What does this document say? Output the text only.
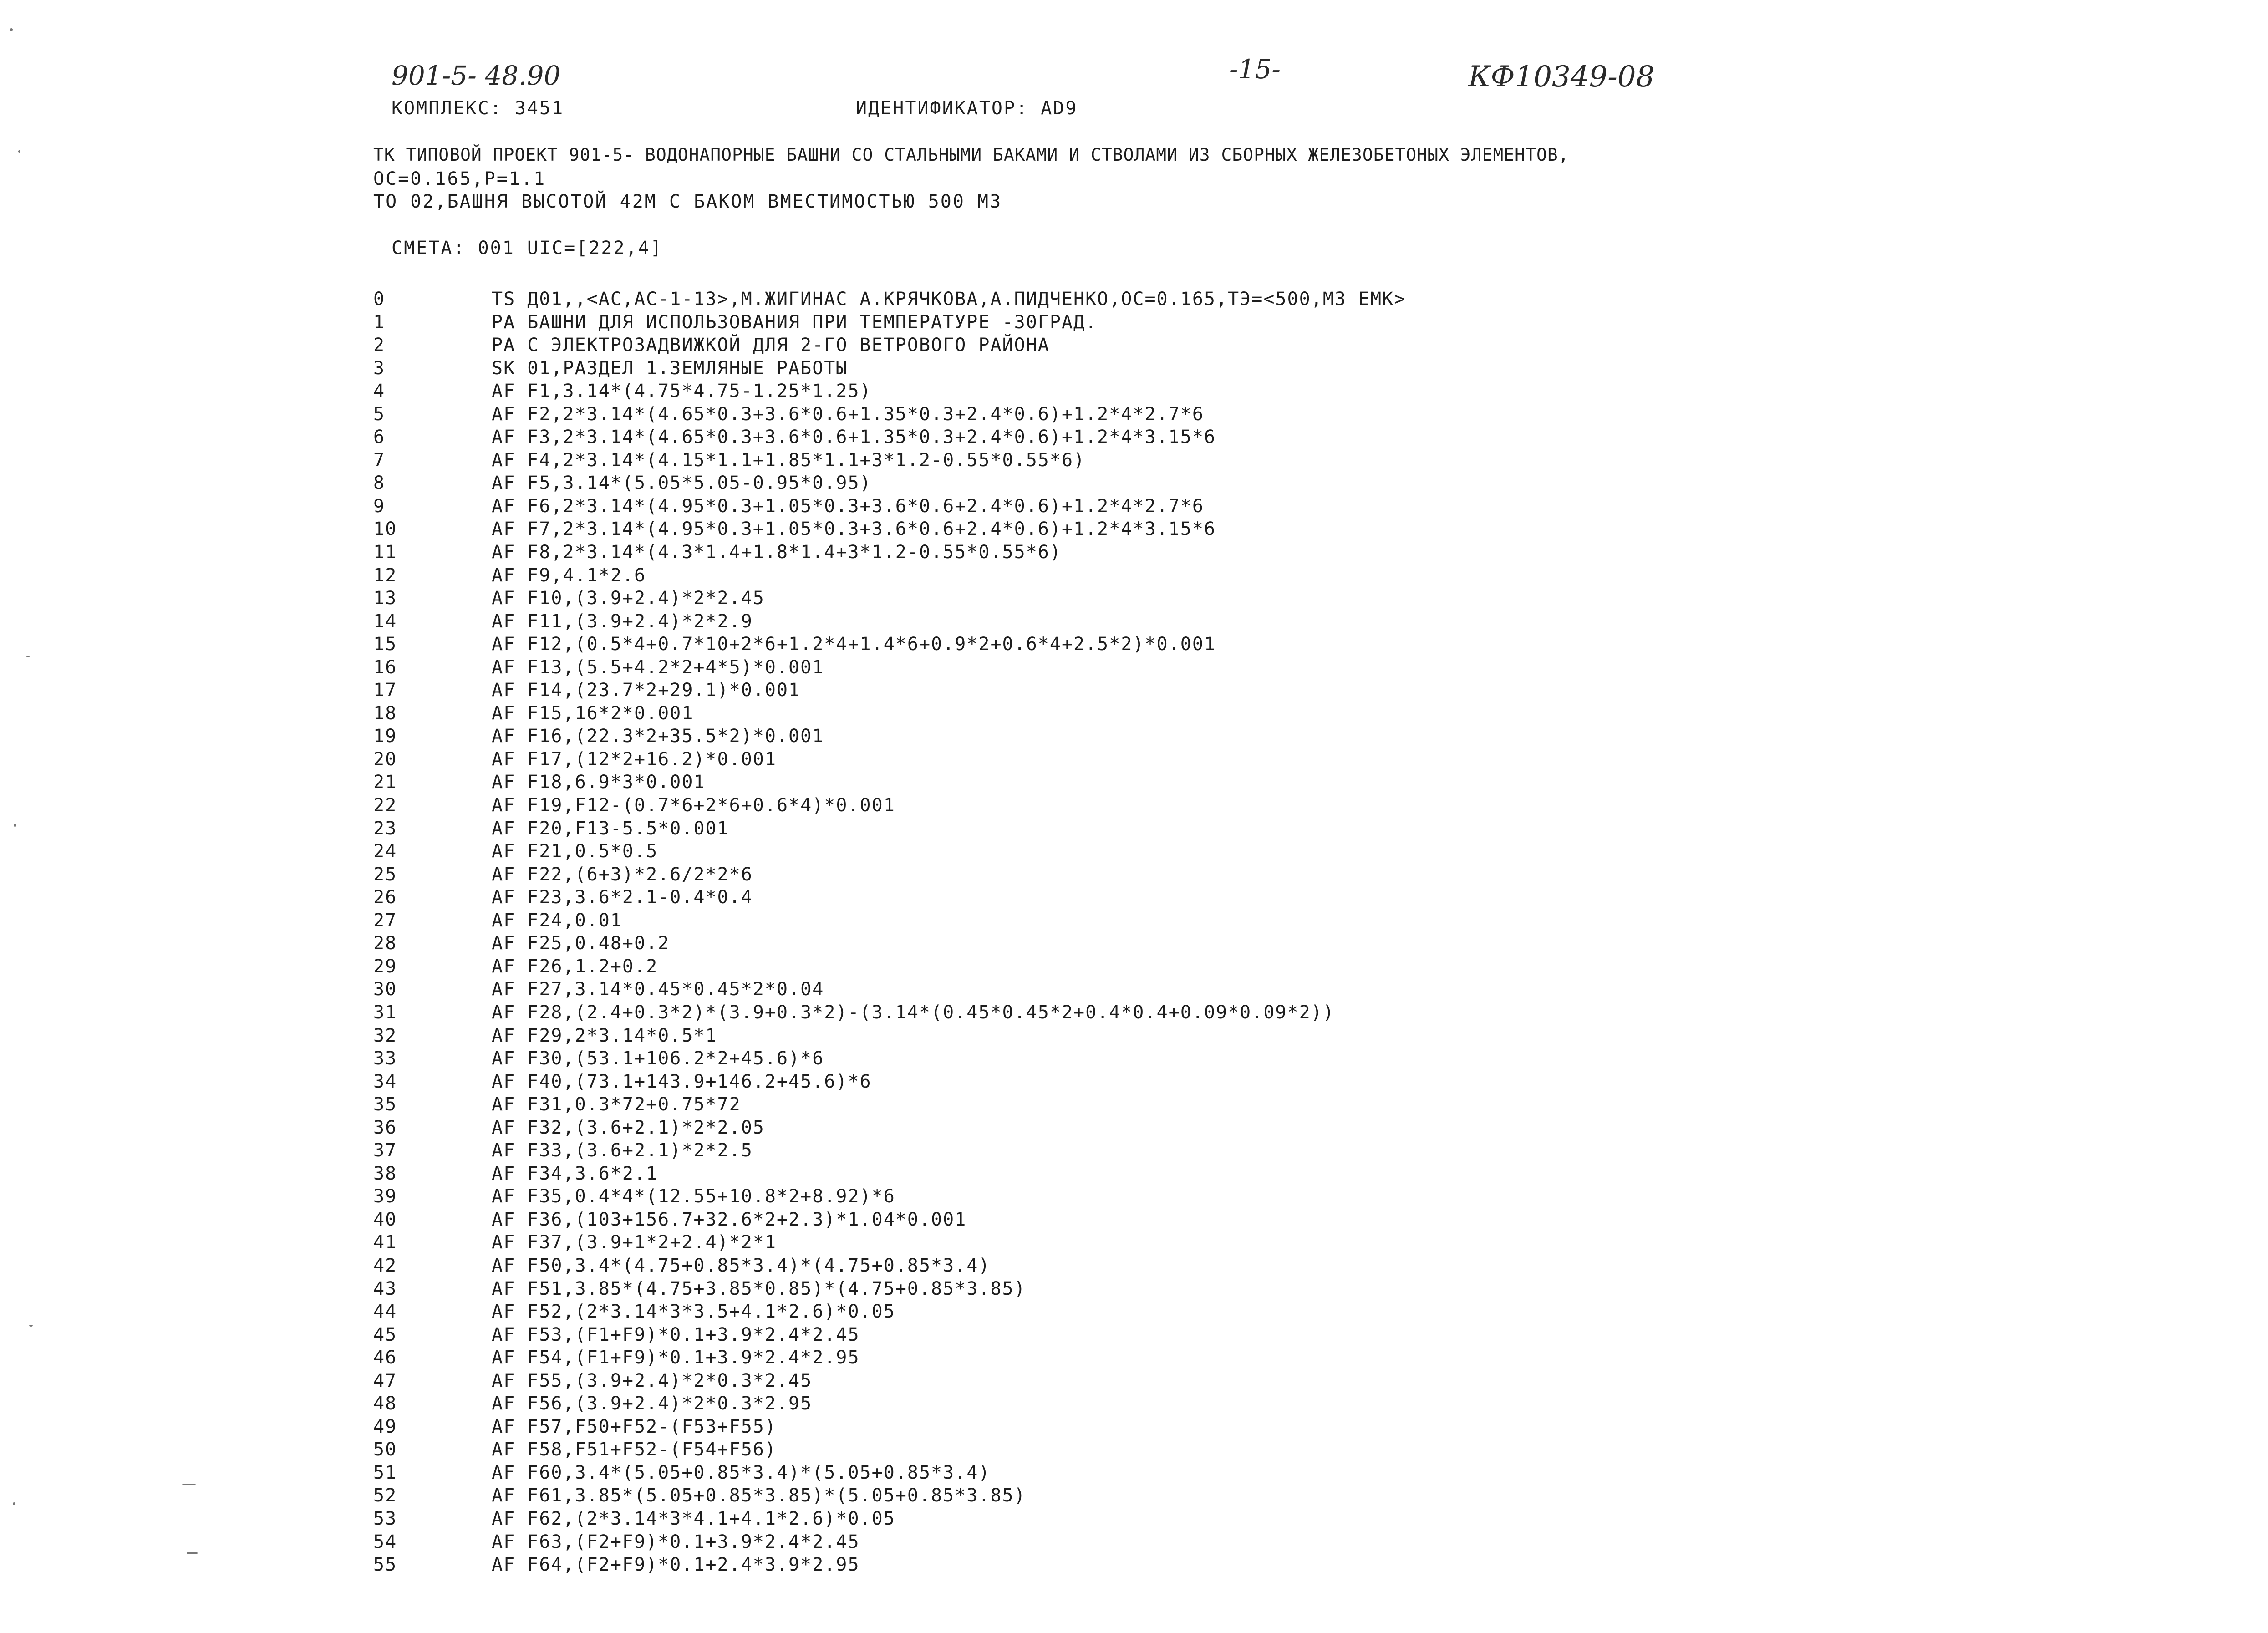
901-5- 48.90	-15-	КФ10349-08
КОМПЛЕКС: 3451	ИДЕНТИФИКАТОР: AD9
ТК ТИПОВОЙ ПРОЕКТ 901-5- ВОДОНАПОРНЫЕ БАШНИ СО СТАЛЬНЫМИ БАКАМИ И СТВОЛАМИ ИЗ СБОРНЫХ ЖЕЛЕЗОБЕТОНЫХ ЭЛЕМЕНТОВ,
ОС=0.165,Р=1.1
ТО 02,БАШНЯ ВЫСОТОЙ 42М С БАКОМ ВМЕСТИМОСТЬЮ 500 М3
СМЕТА: 001 UIC=[222,4]
0	TS Д01,,<AC,AC-1-13>,М.ЖИГИНАС А.КРЯЧКОВА,А.ПИДЧЕНКО,ОС=0.165,ТЭ=<500,М3 ЕМК>
1	РА БАШНИ ДЛЯ ИСПОЛЬЗОВАНИЯ ПРИ ТЕМПЕРАТУРЕ -30ГРАД.
2	РА С ЭЛЕКТРОЗАДВИЖКОЙ ДЛЯ 2-ГО ВЕТРОВОГО РАЙОНА
3	SK 01,РАЗДЕЛ 1.ЗЕМЛЯНЫЕ РАБОТЫ
4	AF F1,3.14*(4.75*4.75-1.25*1.25)
5	AF F2,2*3.14*(4.65*0.3+3.6*0.6+1.35*0.3+2.4*0.6)+1.2*4*2.7*6
6	AF F3,2*3.14*(4.65*0.3+3.6*0.6+1.35*0.3+2.4*0.6)+1.2*4*3.15*6
7	AF F4,2*3.14*(4.15*1.1+1.85*1.1+3*1.2-0.55*0.55*6)
8	AF F5,3.14*(5.05*5.05-0.95*0.95)
9	AF F6,2*3.14*(4.95*0.3+1.05*0.3+3.6*0.6+2.4*0.6)+1.2*4*2.7*6
10	AF F7,2*3.14*(4.95*0.3+1.05*0.3+3.6*0.6+2.4*0.6)+1.2*4*3.15*6
11	AF F8,2*3.14*(4.3*1.4+1.8*1.4+3*1.2-0.55*0.55*6)
12	AF F9,4.1*2.6
13	AF F10,(3.9+2.4)*2*2.45
14	AF F11,(3.9+2.4)*2*2.9
15	AF F12,(0.5*4+0.7*10+2*6+1.2*4+1.4*6+0.9*2+0.6*4+2.5*2)*0.001
16	AF F13,(5.5+4.2*2+4*5)*0.001
17	AF F14,(23.7*2+29.1)*0.001
18	AF F15,16*2*0.001
19	AF F16,(22.3*2+35.5*2)*0.001
20	AF F17,(12*2+16.2)*0.001
21	AF F18,6.9*3*0.001
22	AF F19,F12-(0.7*6+2*6+0.6*4)*0.001
23	AF F20,F13-5.5*0.001
24	AF F21,0.5*0.5
25	AF F22,(6+3)*2.6/2*2*6
26	AF F23,3.6*2.1-0.4*0.4
27	AF F24,0.01
28	AF F25,0.48+0.2
29	AF F26,1.2+0.2
30	AF F27,3.14*0.45*0.45*2*0.04
31	AF F28,(2.4+0.3*2)*(3.9+0.3*2)-(3.14*(0.45*0.45*2+0.4*0.4+0.09*0.09*2))
32	AF F29,2*3.14*0.5*1
33	AF F30,(53.1+106.2*2+45.6)*6
34	AF F40,(73.1+143.9+146.2+45.6)*6
35	AF F31,0.3*72+0.75*72
36	AF F32,(3.6+2.1)*2*2.05
37	AF F33,(3.6+2.1)*2*2.5
38	AF F34,3.6*2.1
39	AF F35,0.4*4*(12.55+10.8*2+8.92)*6
40	AF F36,(103+156.7+32.6*2+2.3)*1.04*0.001
41	AF F37,(3.9+1*2+2.4)*2*1
42	AF F50,3.4*(4.75+0.85*3.4)*(4.75+0.85*3.4)
43	AF F51,3.85*(4.75+3.85*0.85)*(4.75+0.85*3.85)
44	AF F52,(2*3.14*3*3.5+4.1*2.6)*0.05
45	AF F53,(F1+F9)*0.1+3.9*2.4*2.45
46	AF F54,(F1+F9)*0.1+3.9*2.4*2.95
47	AF F55,(3.9+2.4)*2*0.3*2.45
48	AF F56,(3.9+2.4)*2*0.3*2.95
49	AF F57,F50+F52-(F53+F55)
50	AF F58,F51+F52-(F54+F56)
51	AF F60,3.4*(5.05+0.85*3.4)*(5.05+0.85*3.4)
52	AF F61,3.85*(5.05+0.85*3.85)*(5.05+0.85*3.85)
53	AF F62,(2*3.14*3*4.1+4.1*2.6)*0.05
54	AF F63,(F2+F9)*0.1+3.9*2.4*2.45
55	AF F64,(F2+F9)*0.1+2.4*3.9*2.95
